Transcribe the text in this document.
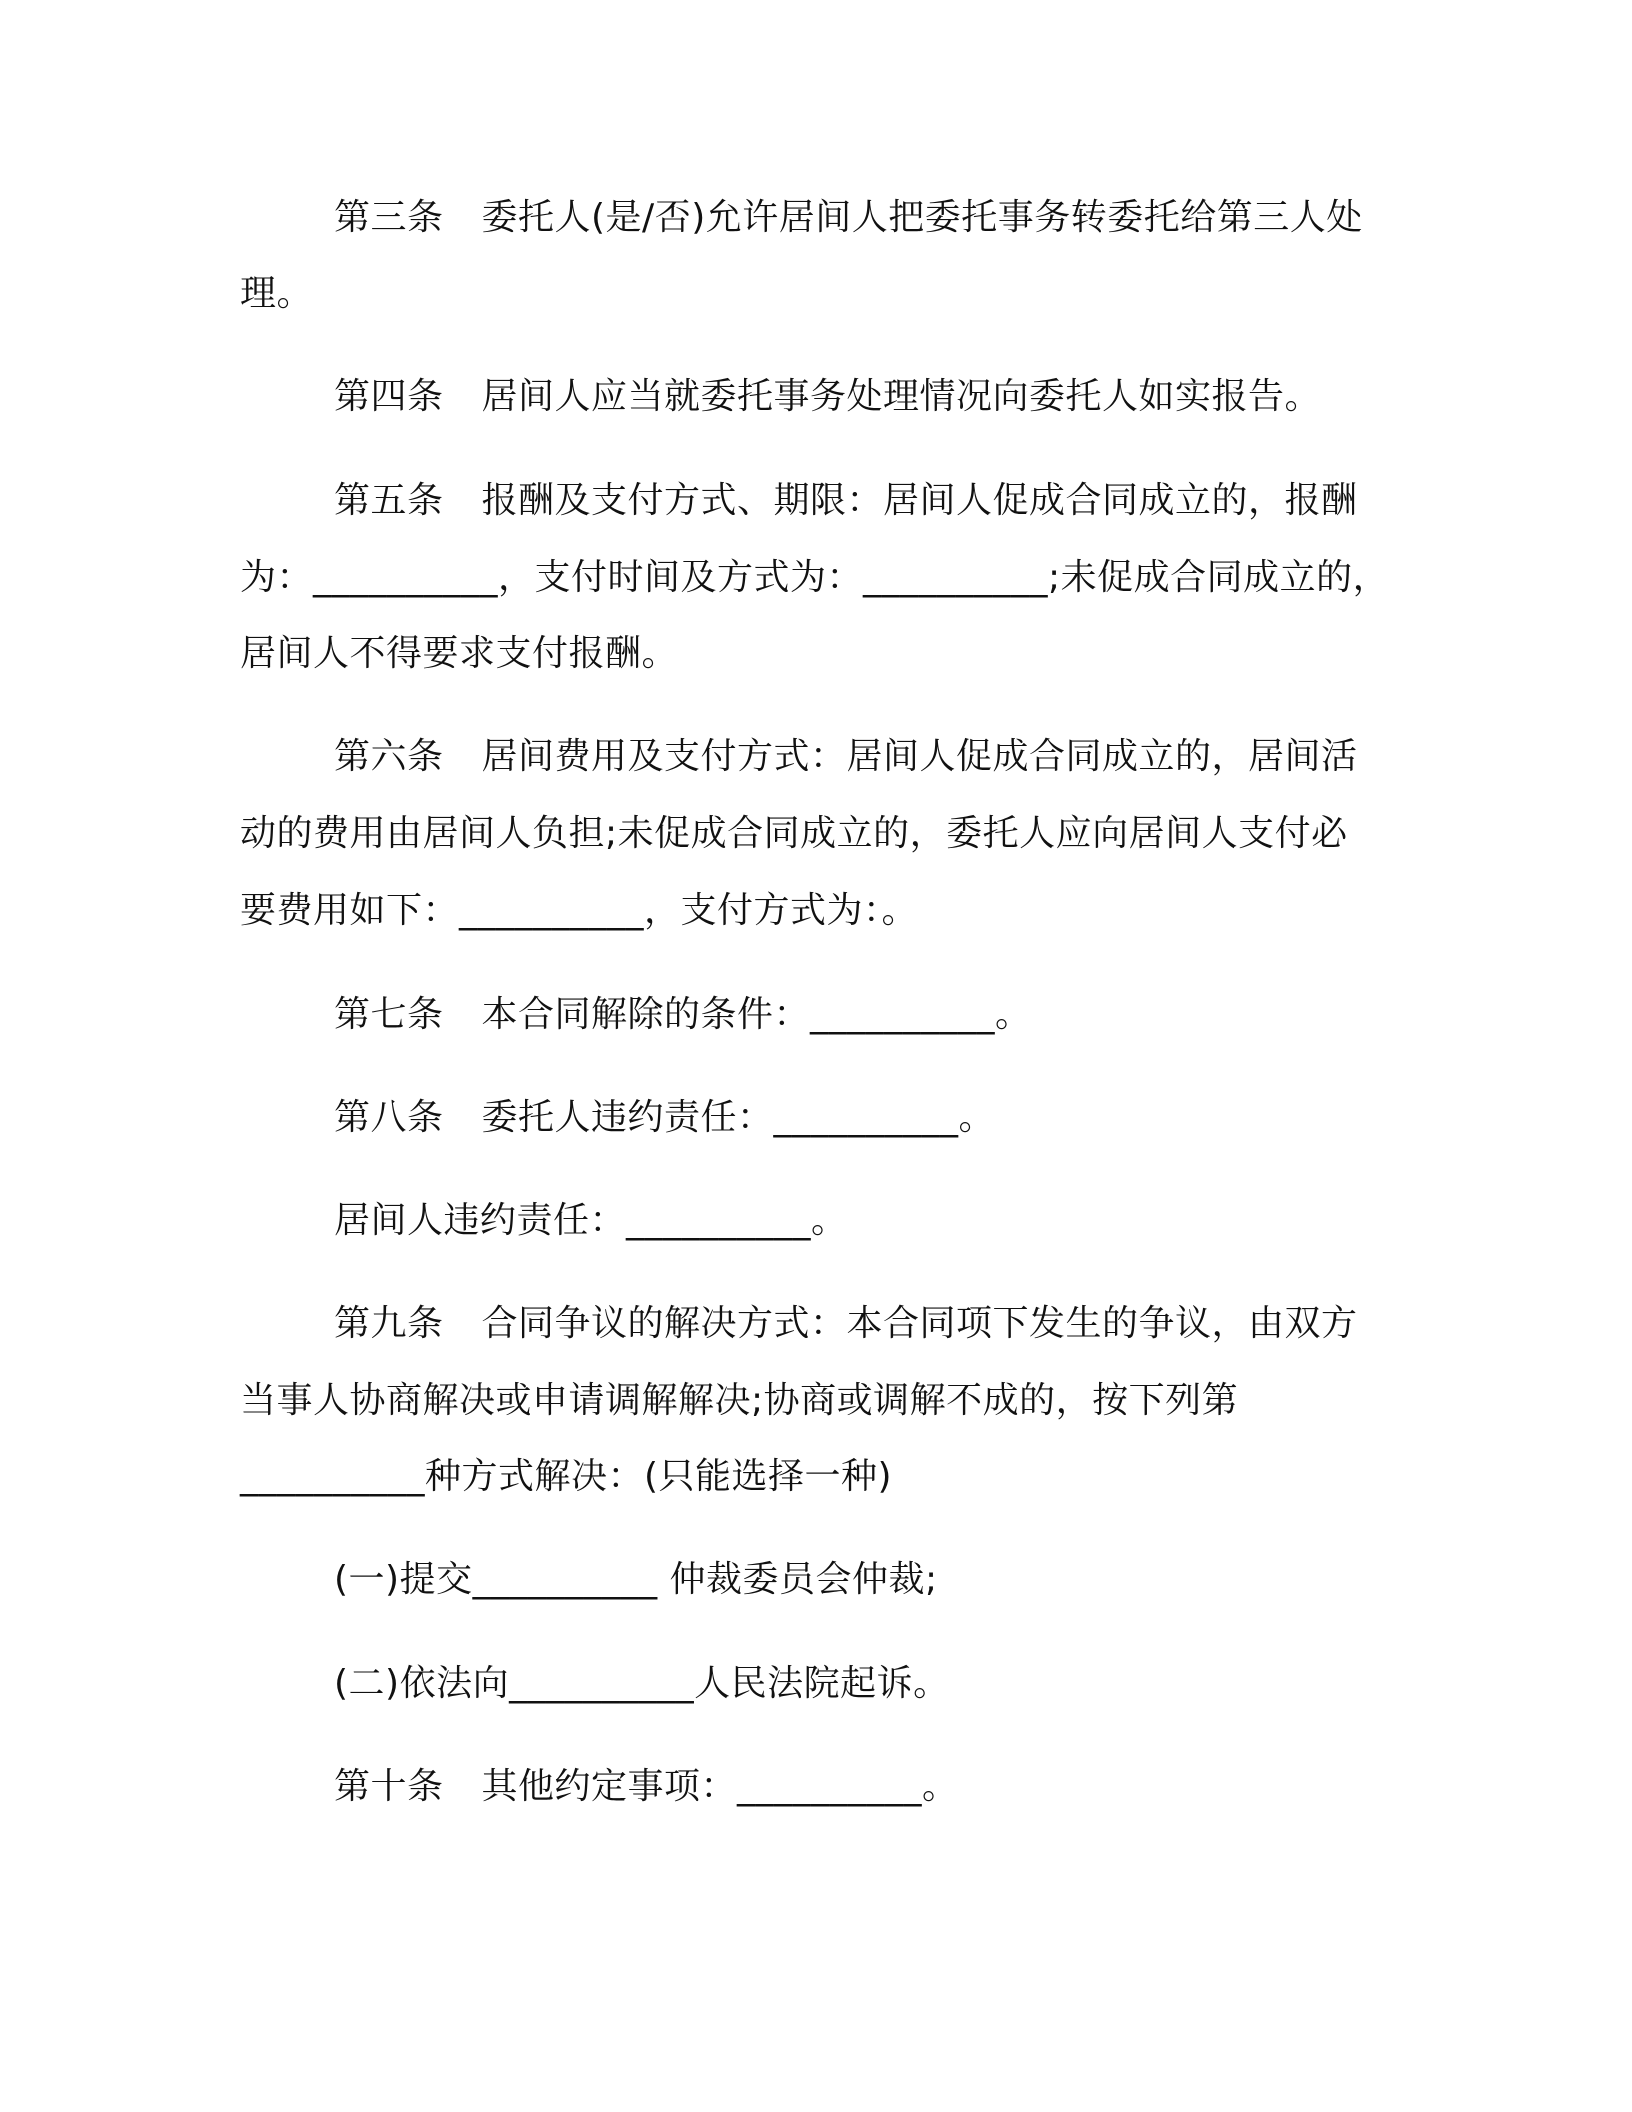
第三条 委托人(是/否)允许居间人把委托事务转委托给第三人处
理。
第四条 居间人应当就委托事务处理情况向委托人如实报告。
第五条 报酬及支付方式、期限：居间人促成合同成立的，报酬
为：__________，支付时间及方式为：__________;未促成合同成立的，
居间人不得要求支付报酬。
第六条 居间费用及支付方式：居间人促成合同成立的，居间活
动的费用由居间人负担;未促成合同成立的，委托人应向居间人支付必
要费用如下：__________，支付方式为：。
第七条 本合同解除的条件：__________。
第八条 委托人违约责任：__________。
居间人违约责任：__________。
第九条 合同争议的解决方式：本合同项下发生的争议，由双方
当事人协商解决或申请调解解决;协商或调解不成的，按下列第
__________种方式解决：(只能选择一种)
(一)提交__________ 仲裁委员会仲裁;
(二)依法向__________人民法院起诉。
第十条 其他约定事项：__________。
